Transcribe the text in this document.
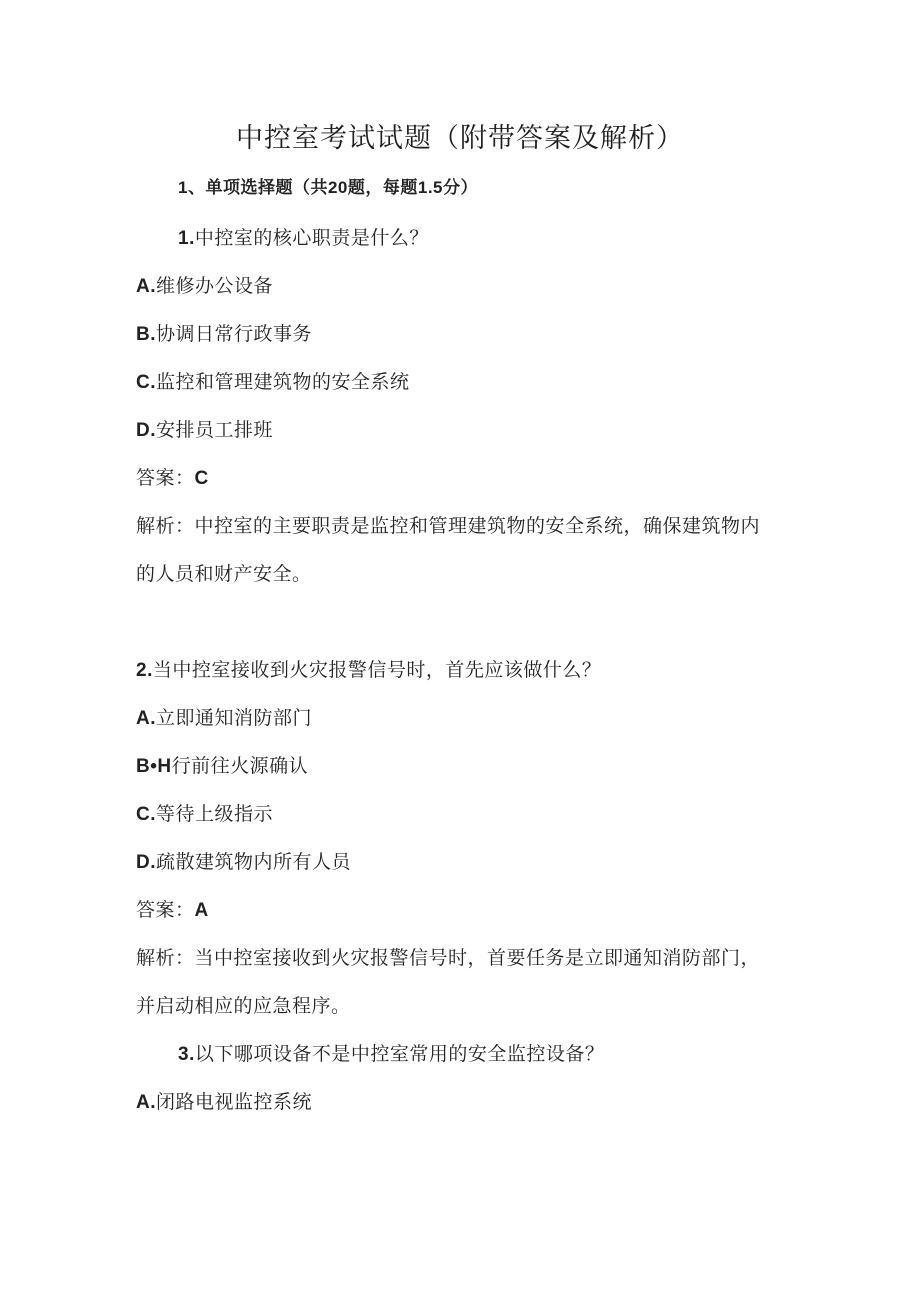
中控室考试试题（附带答案及解析）
1、单项选择题（共20题，每题1.5分）
1.中控室的核心职责是什么？
A.维修办公设备
B.协调日常行政事务
C.监控和管理建筑物的安全系统
D.安排员工排班
答案：C
解析：中控室的主要职责是监控和管理建筑物的安全系统，确保建筑物内
的人员和财产安全。
2.当中控室接收到火灾报警信号时，首先应该做什么？
A.立即通知消防部门
B•H行前往火源确认
C.等待上级指示
D.疏散建筑物内所有人员
答案：A
解析：当中控室接收到火灾报警信号时，首要任务是立即通知消防部门，
并启动相应的应急程序。
3.以下哪项设备不是中控室常用的安全监控设备？
A.闭路电视监控系统
